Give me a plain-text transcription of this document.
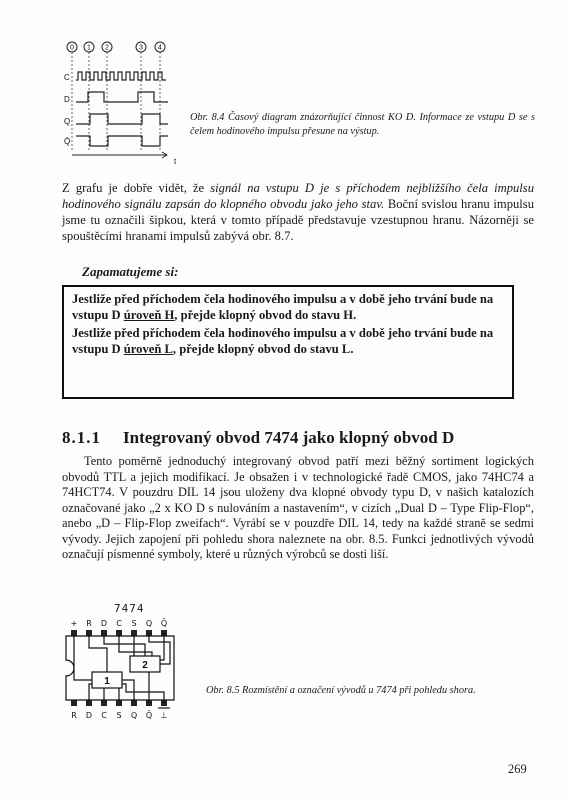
0 1 2	3 4
C
D
Q
Q̄
t
Obr. 8.4 Časový diagram znázorňující činnost KO D. Informace ze vstupu D se s čelem hodinového impulsu přesune na výstup.
Z grafu je dobře vidět, že signál na vstupu D je s příchodem nejbližšího čela impulsu hodinového signálu zapsán do klopného obvodu jako jeho stav. Boční svislou hranu impulsu jsme tu označili šipkou, která v tomto případě představuje vzestupnou hranu. Názorněji se spouštěcími hranami impulsů zabývá obr. 8.7.
Zapamatujeme si:

Jestliže před příchodem čela hodinového impulsu a v době jeho trvání bude na vstupu D úroveň H, přejde klopný obvod do stavu H.

Jestliže před příchodem čela hodinového impulsu a v době jeho trvání bude na vstupu D úroveň L, přejde klopný obvod do stavu L.

8.1.1 Integrovaný obvod 7474 jako klopný obvod D
Tento poměrně jednoduchý integrovaný obvod patří mezi běžný sortiment logických obvodů TTL a jejich modifikací. Je obsažen i v technologické řadě CMOS, jako 74HC74 a 74HCT74. V pouzdru DIL 14 jsou uloženy dva klopné obvody typu D, v našich katalozích označované jako „2 x KO D s nulováním a nastavením“, v cizích „Dual D – Type Flip-Flop“, anebo „D – Flip-Flop zweifach“. Vyrábí se v pouzdře DIL 14, tedy na každé straně se sedmi vývody. Jejich zapojení při pohledu shora naleznete na obr. 8.5. Funkci jednotlivých vývodů označují písmenné symboly, které u různých výrobců se dosti liší.
7474
+ R D C S Q Q̄
R D C S Q Q̄ ⊥
1
2
Obr. 8.5 Rozmístění a označení vývodů u 7474 při pohledu shora.
269
